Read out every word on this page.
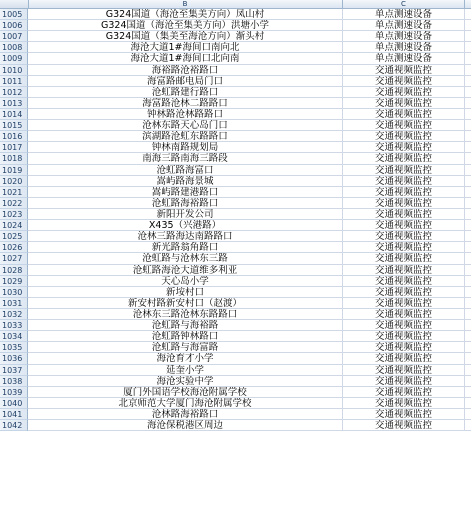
B	C
1005	G324国道（海沧至集美方向）凤山村	单点测速设备
1006	G324国道（海沧至集美方向）洪塘小学	单点测速设备
1007	G324国道（集美至海沧方向）渐头村	单点测速设备
1008	海沧大道1#海间口南向北	单点测速设备
1009	海沧大道1#海间口北向南	单点测速设备
1010	海裕路沧裕路口	交通视频监控
1011	海富路邮电局门口	交通视频监控
1012	沧虹路建行路口	交通视频监控
1013	海富路沧林二路路口	交通视频监控
1014	钟林路沧林路路口	交通视频监控
1015	沧林东路天心岛门口	交通视频监控
1016	滨湖路沧虹东路路口	交通视频监控
1017	钟林南路规划局	交通视频监控
1018	南海三路南海三路段	交通视频监控
1019	沧虹路海富口	交通视频监控
1020	嵩屿路海景城	交通视频监控
1021	嵩屿路建港路口	交通视频监控
1022	沧虹路海裕路口	交通视频监控
1023	新阳开发公司	交通视频监控
1024	X435（兴港路）	交通视频监控
1025	沧林三路海达南路路口	交通视频监控
1026	新光路翁角路口	交通视频监控
1027	沧虹路与沧林东三路	交通视频监控
1028	沧虹路海沧大道维多利亚	交通视频监控
1029	天心岛小学	交通视频监控
1030	新垵村口	交通视频监控
1031	新安村路新安村口（赵渡）	交通视频监控
1032	沧林东三路沧林东路路口	交通视频监控
1033	沧虹路与海裕路	交通视频监控
1034	沧虹路钟林路口	交通视频监控
1035	沧虹路与海富路	交通视频监控
1036	海沧育才小学	交通视频监控
1037	延奎小学	交通视频监控
1038	海沧实验中学	交通视频监控
1039	厦门外国语学校海沧附属学校	交通视频监控
1040	北京师范大学厦门海沧附属学校	交通视频监控
1041	沧林路海裕路口	交通视频监控
1042	海沧保税港区周边	交通视频监控
